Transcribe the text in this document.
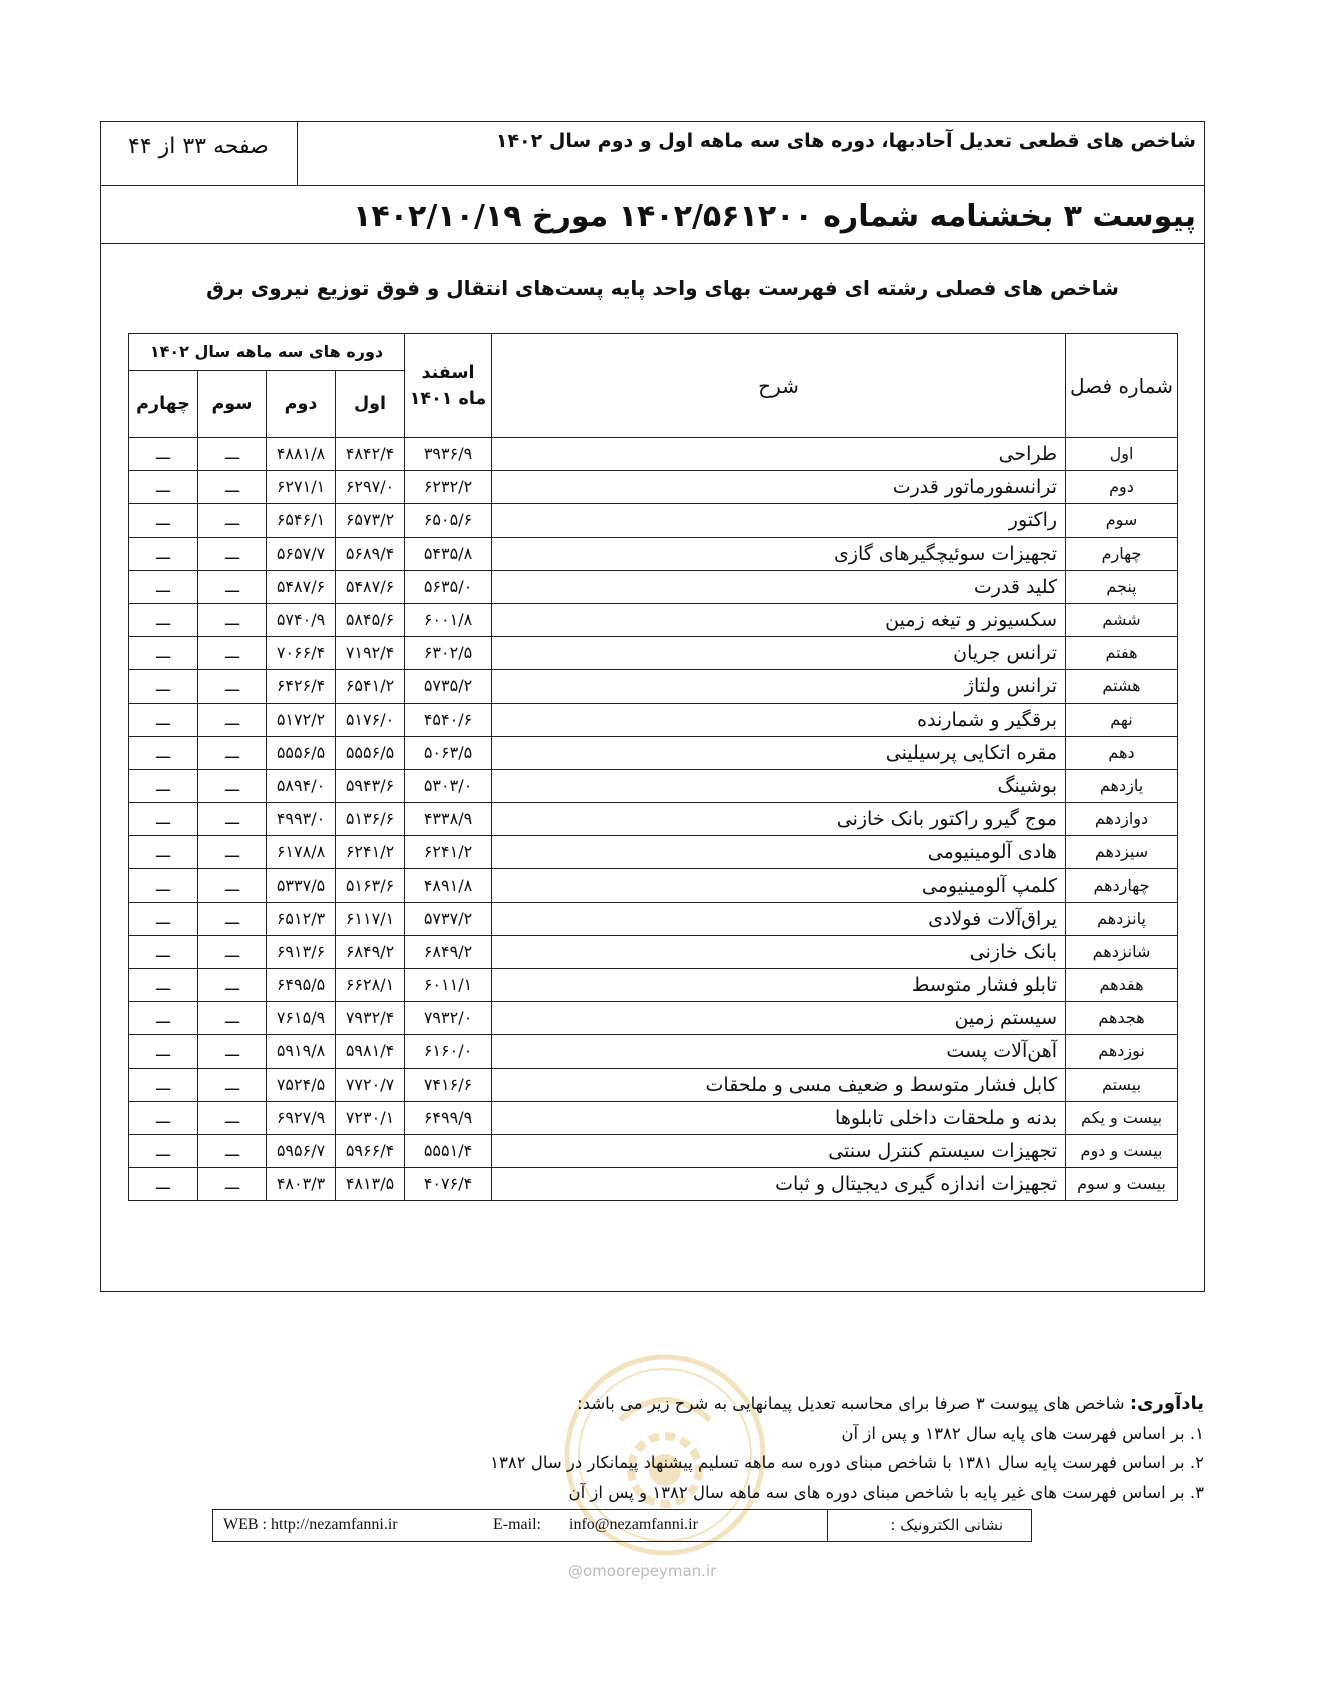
شاخص های قطعی تعدیل آحادبها، دوره های سه ماهه اول و دوم سال ۱۴۰۲
صفحه ۳۳ از ۴۴
پیوست ۳ بخشنامه شماره ۱۴۰۲/۵۶۱۲۰۰ مورخ ۱۴۰۲/۱۰/۱۹
شاخص های فصلی رشته ای فهرست بهای واحد پایه پست‌های انتقال و فوق توزیع نیروی برق
شماره فصل	شرح	اسفند ماه ۱۴۰۱	دوره های سه ماهه سال ۱۴۰۲			
			اول	دوم	سوم	چهارم
اول	طراحی	۳۹۳۶/۹	۴۸۴۲/۴	۴۸۸۱/۸	ـــ	ـــ
دوم	ترانسفورماتور قدرت	۶۲۳۲/۲	۶۲۹۷/۰	۶۲۷۱/۱	ـــ	ـــ
سوم	راکتور	۶۵۰۵/۶	۶۵۷۳/۲	۶۵۴۶/۱	ـــ	ـــ
چهارم	تجهیزات سوئیچگیرهای گازی	۵۴۳۵/۸	۵۶۸۹/۴	۵۶۵۷/۷	ـــ	ـــ
پنجم	کلید قدرت	۵۶۳۵/۰	۵۴۸۷/۶	۵۴۸۷/۶	ـــ	ـــ
ششم	سکسیونر و تیغه زمین	۶۰۰۱/۸	۵۸۴۵/۶	۵۷۴۰/۹	ـــ	ـــ
هفتم	ترانس جریان	۶۳۰۲/۵	۷۱۹۲/۴	۷۰۶۶/۴	ـــ	ـــ
هشتم	ترانس ولتاژ	۵۷۳۵/۲	۶۵۴۱/۲	۶۴۲۶/۴	ـــ	ـــ
نهم	برقگیر و شمارنده	۴۵۴۰/۶	۵۱۷۶/۰	۵۱۷۲/۲	ـــ	ـــ
دهم	مقره اتکایی پرسیلینی	۵۰۶۳/۵	۵۵۵۶/۵	۵۵۵۶/۵	ـــ	ـــ
یازدهم	بوشینگ	۵۳۰۳/۰	۵۹۴۳/۶	۵۸۹۴/۰	ـــ	ـــ
دوازدهم	موج گیرو راکتور بانک خازنی	۴۳۳۸/۹	۵۱۳۶/۶	۴۹۹۳/۰	ـــ	ـــ
سیزدهم	هادی آلومینیومی	۶۲۴۱/۲	۶۲۴۱/۲	۶۱۷۸/۸	ـــ	ـــ
چهاردهم	کلمپ آلومینیومی	۴۸۹۱/۸	۵۱۶۳/۶	۵۳۳۷/۵	ـــ	ـــ
پانزدهم	یراق‌آلات فولادی	۵۷۳۷/۲	۶۱۱۷/۱	۶۵۱۲/۳	ـــ	ـــ
شانزدهم	بانک خازنی	۶۸۴۹/۲	۶۸۴۹/۲	۶۹۱۳/۶	ـــ	ـــ
هفدهم	تابلو فشار متوسط	۶۰۱۱/۱	۶۶۲۸/۱	۶۴۹۵/۵	ـــ	ـــ
هجدهم	سیستم زمین	۷۹۳۲/۰	۷۹۳۲/۴	۷۶۱۵/۹	ـــ	ـــ
نوزدهم	آهن‌آلات پست	۶۱۶۰/۰	۵۹۸۱/۴	۵۹۱۹/۸	ـــ	ـــ
بیستم	کابل فشار متوسط و ضعیف مسی و ملحقات	۷۴۱۶/۶	۷۷۲۰/۷	۷۵۲۴/۵	ـــ	ـــ
بیست و یکم	بدنه و ملحقات داخلی تابلوها	۶۴۹۹/۹	۷۲۳۰/۱	۶۹۲۷/۹	ـــ	ـــ
بیست و دوم	تجهیزات سیستم کنترل سنتی	۵۵۵۱/۴	۵۹۶۶/۴	۵۹۵۶/۷	ـــ	ـــ
بیست و سوم	تجهیزات اندازه گیری دیجیتال و ثبات	۴۰۷۶/۴	۴۸۱۳/۵	۴۸۰۳/۳	ـــ	ـــ
@omoorepeyman.ir
یادآوری: شاخص های پیوست ۳ صرفا برای محاسبه تعدیل پیمانهایی به شرح زیر می باشد:
۱. بر اساس فهرست های پایه سال ۱۳۸۲ و پس از آن
۲. بر اساس فهرست پایه سال ۱۳۸۱ با شاخص مبنای دوره سه ماهه تسلیم پیشنهاد پیمانکار در سال ۱۳۸۲
۳. بر اساس فهرست های غیر پایه با شاخص مبنای دوره های سه ماهه سال ۱۳۸۲ و پس از آن
WEB : http://nezamfanni.ir	E-mail: info@nezamfanni.ir	نشانی الکترونیک :
